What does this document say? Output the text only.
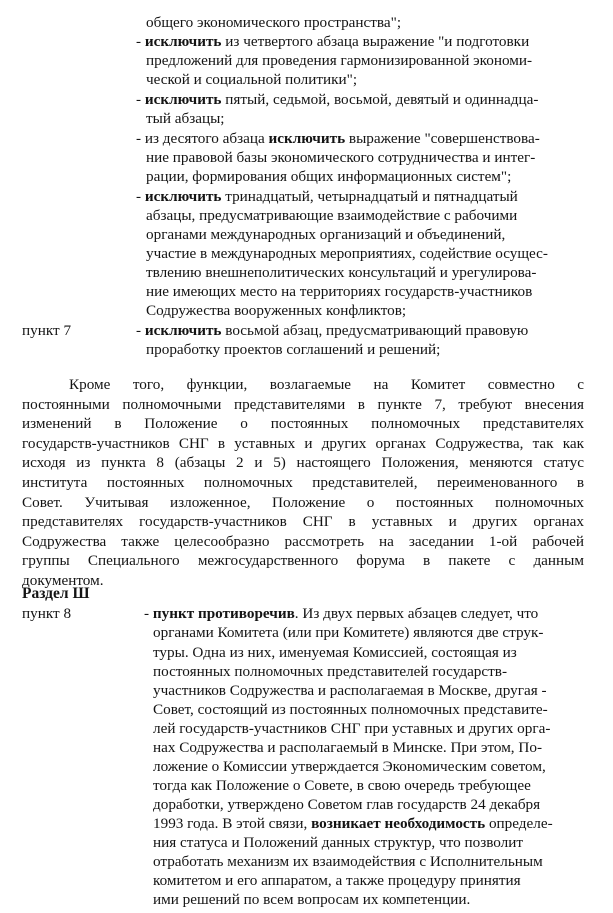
общего экономического пространства";
- исключить из четвертого абзаца выражение "и подготовки
предложений для проведения гармонизированной экономи-
ческой и социальной политики";
- исключить пятый, седьмой, восьмой, девятый и одиннадца-
тый абзацы;
- из десятого абзаца исключить выражение "совершенствова-
ние правовой базы экономического сотрудничества и интег-
рации, формирования общих информационных систем";
- исключить тринадцатый, четырнадцатый и пятнадцатый
абзацы, предусматривающие взаимодействие с рабочими
органами международных организаций и объединений,
участие в международных мероприятиях, содействие осущес-
твлению внешнеполитических консультаций и урегулирова-
ние имеющих место на территориях государств-участников
Содружества вооруженных конфликтов;
пункт 7	- исключить восьмой абзац, предусматривающий правовую
проработку проектов соглашений и решений;
Кроме того, функции, возлагаемые на Комитет совместно с
постоянными полномочными представителями в пункте 7, требуют внесения
изменений в Положение о постоянных полномочных представителях
государств-участников СНГ в уставных и других органах Содружества, так как
исходя из пункта 8 (абзацы 2 и 5) настоящего Положения, меняются статус
института постоянных полномочных представителей, переименованного в
Совет. Учитывая изложенное, Положение о постоянных полномочных
представителях государств-участников СНГ в уставных и других органах
Содружества также целесообразно рассмотреть на заседании 1-ой рабочей
группы Специального межгосударственного форума в пакете с данным
документом.
Раздел Ш
пункт 8	- пункт противоречив. Из двух первых абзацев следует, что
органами Комитета (или при Комитете) являются две струк-
туры. Одна из них, именуемая Комиссией, состоящая из
постоянных полномочных представителей государств-
участников Содружества и располагаемая в Москве, другая -
Совет, состоящий из постоянных полномочных представите-
лей государств-участников СНГ при уставных и других орга-
нах Содружества и располагаемый в Минске. При этом, По-
ложение о Комиссии утверждается Экономическим советом,
тогда как Положение о Совете, в свою очередь требующее
доработки, утверждено Советом глав государств 24 декабря
1993 года. В этой связи, возникает необходимость определе-
ния статуса и Положений данных структур, что позволит
отработать механизм их взаимодействия с Исполнительным
комитетом и его аппаратом, а также процедуру принятия
ими решений по всем вопросам их компетенции.
